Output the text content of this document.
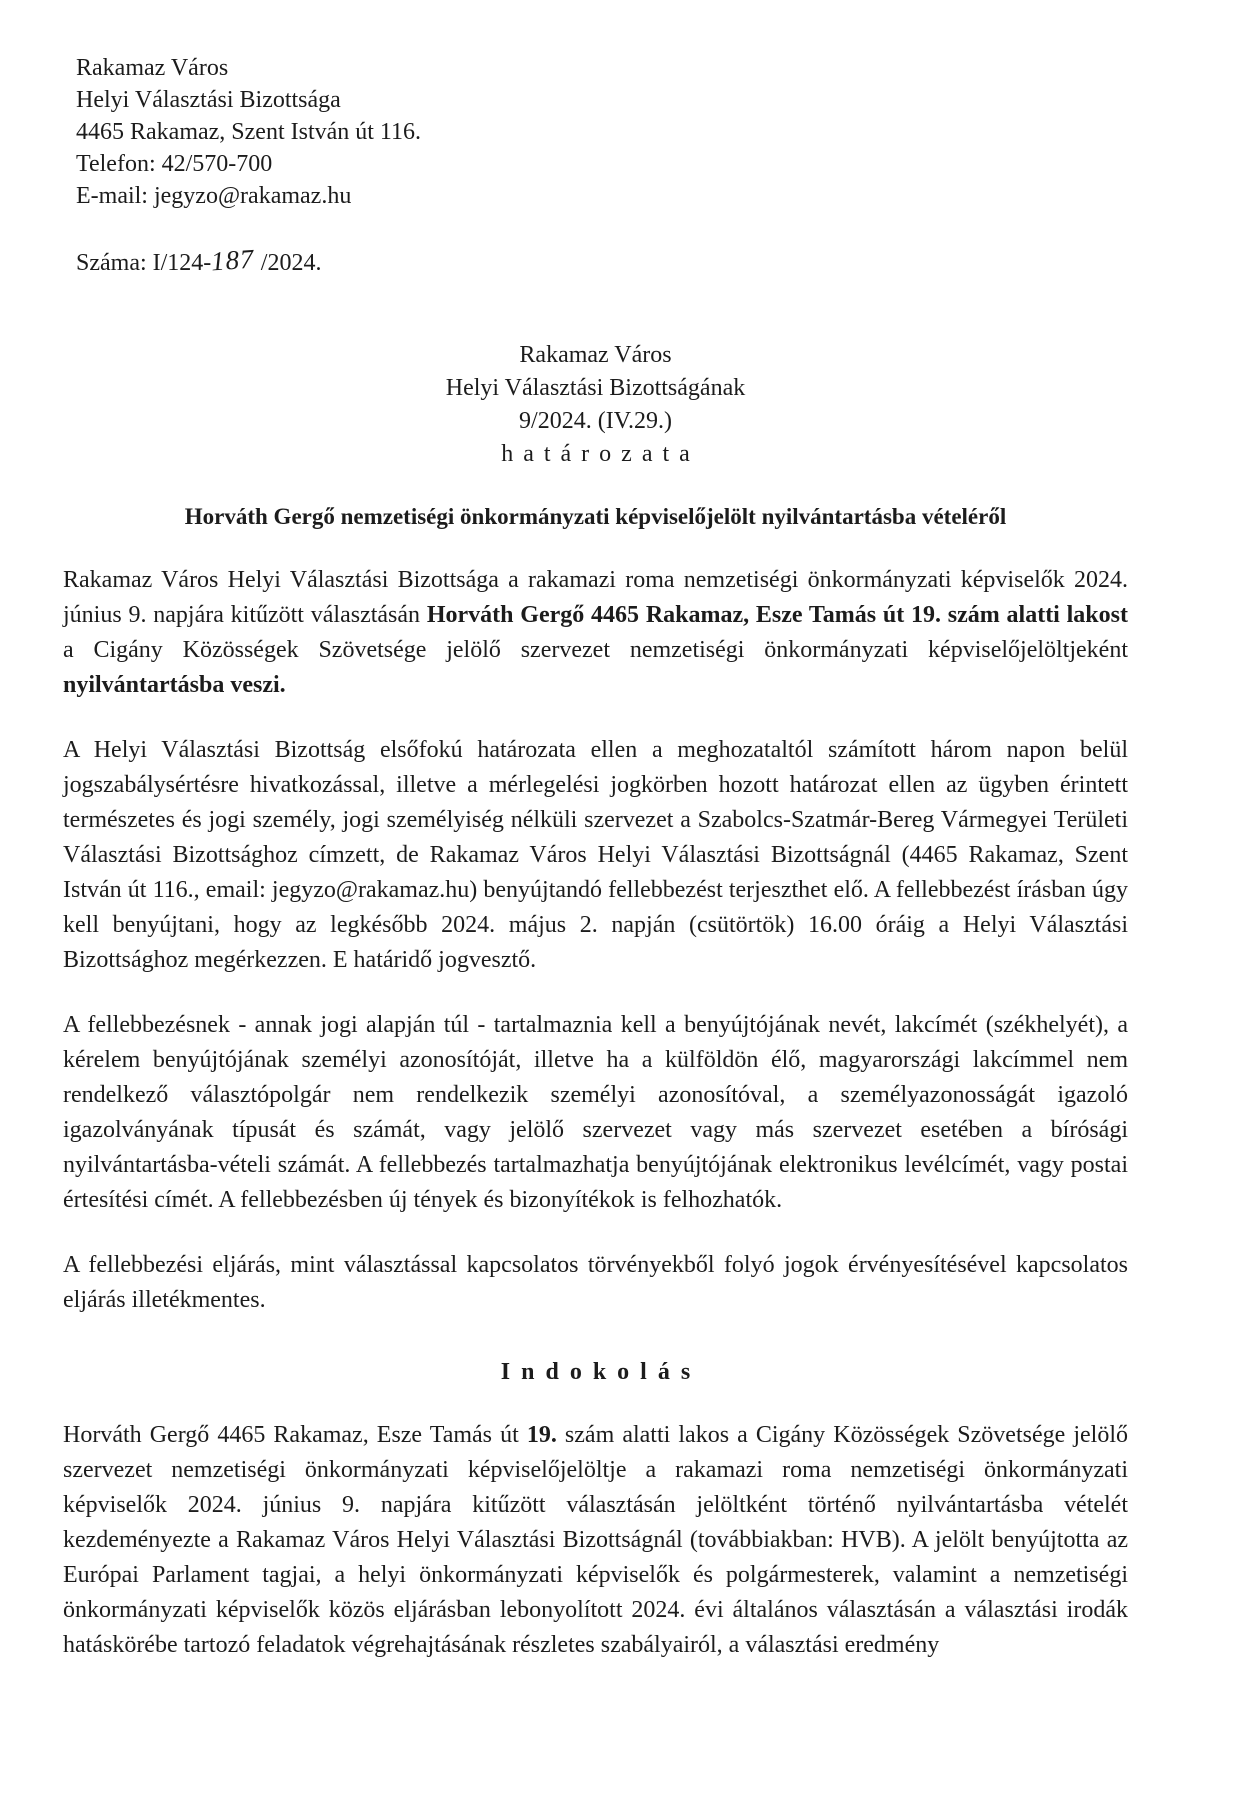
Rakamaz Város
Helyi Választási Bizottsága
4465 Rakamaz, Szent István út 116.
Telefon: 42/570-700
E-mail: jegyzo@rakamaz.hu
Száma: I/124-187 /2024.
Rakamaz Város
Helyi Választási Bizottságának
9/2024. (IV.29.)
h a t á r o z a t a
Horváth Gergő nemzetiségi önkormányzati képviselőjelölt nyilvántartásba vételéről

Rakamaz Város Helyi Választási Bizottsága a rakamazi roma nemzetiségi önkormányzati képviselők 2024. június 9. napjára kitűzött választásán Horváth Gergő 4465 Rakamaz, Esze Tamás út 19. szám alatti lakost a Cigány Közösségek Szövetsége jelölő szervezet nemzetiségi önkormányzati képviselőjelöltjeként nyilvántartásba veszi.

A Helyi Választási Bizottság elsőfokú határozata ellen a meghozataltól számított három napon belül jogszabálysértésre hivatkozással, illetve a mérlegelési jogkörben hozott határozat ellen az ügyben érintett természetes és jogi személy, jogi személyiség nélküli szervezet a Szabolcs-Szatmár-Bereg Vármegyei Területi Választási Bizottsághoz címzett, de Rakamaz Város Helyi Választási Bizottságnál (4465 Rakamaz, Szent István út 116., email: jegyzo@rakamaz.hu) benyújtandó fellebbezést terjeszthet elő. A fellebbezést írásban úgy kell benyújtani, hogy az legkésőbb 2024. május 2. napján (csütörtök) 16.00 óráig a Helyi Választási Bizottsághoz megérkezzen. E határidő jogvesztő.

A fellebbezésnek - annak jogi alapján túl - tartalmaznia kell a benyújtójának nevét, lakcímét (székhelyét), a kérelem benyújtójának személyi azonosítóját, illetve ha a külföldön élő, magyarországi lakcímmel nem rendelkező választópolgár nem rendelkezik személyi azonosítóval, a személyazonosságát igazoló igazolványának típusát és számát, vagy jelölő szervezet vagy más szervezet esetében a bírósági nyilvántartásba-vételi számát. A fellebbezés tartalmazhatja benyújtójának elektronikus levélcímét, vagy postai értesítési címét. A fellebbezésben új tények és bizonyítékok is felhozhatók.

A fellebbezési eljárás, mint választással kapcsolatos törvényekből folyó jogok érvényesítésével kapcsolatos eljárás illetékmentes.

I n d o k o l á s

Horváth Gergő 4465 Rakamaz, Esze Tamás út 19. szám alatti lakos a Cigány Közösségek Szövetsége jelölő szervezet nemzetiségi önkormányzati képviselőjelöltje a rakamazi roma nemzetiségi önkormányzati képviselők 2024. június 9. napjára kitűzött választásán jelöltként történő nyilvántartásba vételét kezdeményezte a Rakamaz Város Helyi Választási Bizottságnál (továbbiakban: HVB). A jelölt benyújtotta az Európai Parlament tagjai, a helyi önkormányzati képviselők és polgármesterek, valamint a nemzetiségi önkormányzati képviselők közös eljárásban lebonyolított 2024. évi általános választásán a választási irodák hatáskörébe tartozó feladatok végrehajtásának részletes szabályairól, a választási eredmény
